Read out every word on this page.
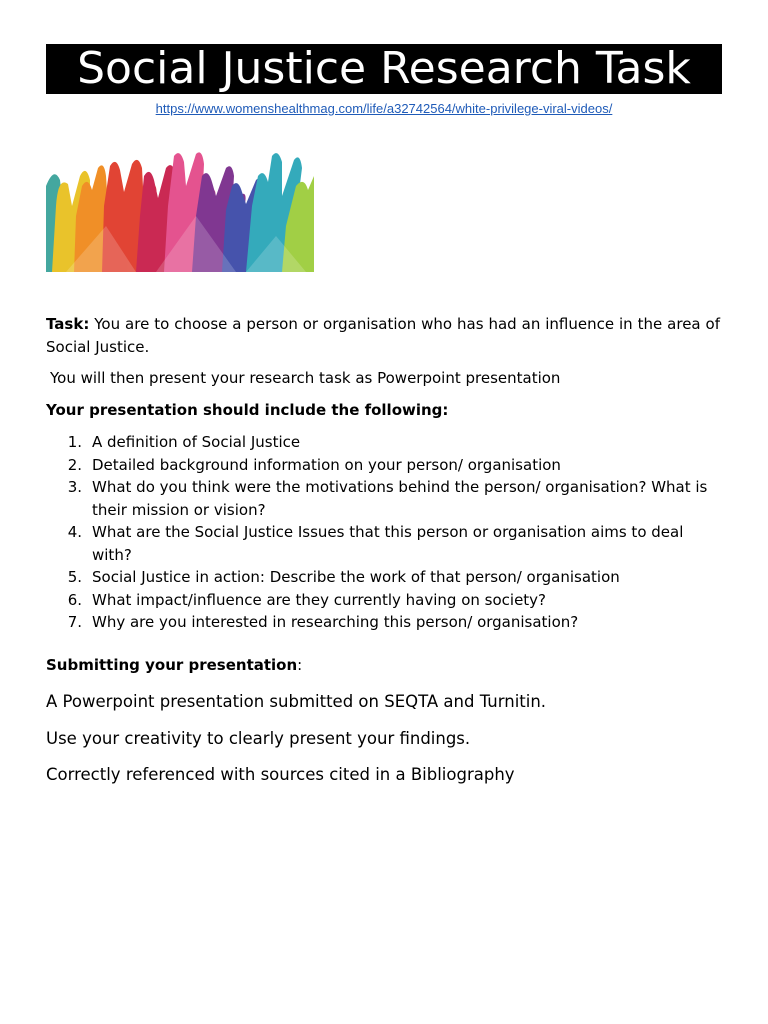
Social Justice Research Task
https://www.womenshealthmag.com/life/a32742564/white-privilege-viral-videos/
Task: You are to choose a person or organisation who has had an influence in the area of Social Justice.
You will then present your research task as Powerpoint presentation
Your presentation should include the following:
1. A definition of Social Justice
2. Detailed background information on your person/ organisation
3. What do you think were the motivations behind the person/ organisation? What is their mission or vision?
4. What are the Social Justice Issues that this person or organisation aims to deal with?
5. Social Justice in action: Describe the work of that person/ organisation
6. What impact/influence are they currently having on society?
7. Why are you interested in researching this person/ organisation?
Submitting your presentation:
A Powerpoint presentation submitted on SEQTA and Turnitin.
Use your creativity to clearly present your findings.
Correctly referenced with sources cited in a Bibliography
